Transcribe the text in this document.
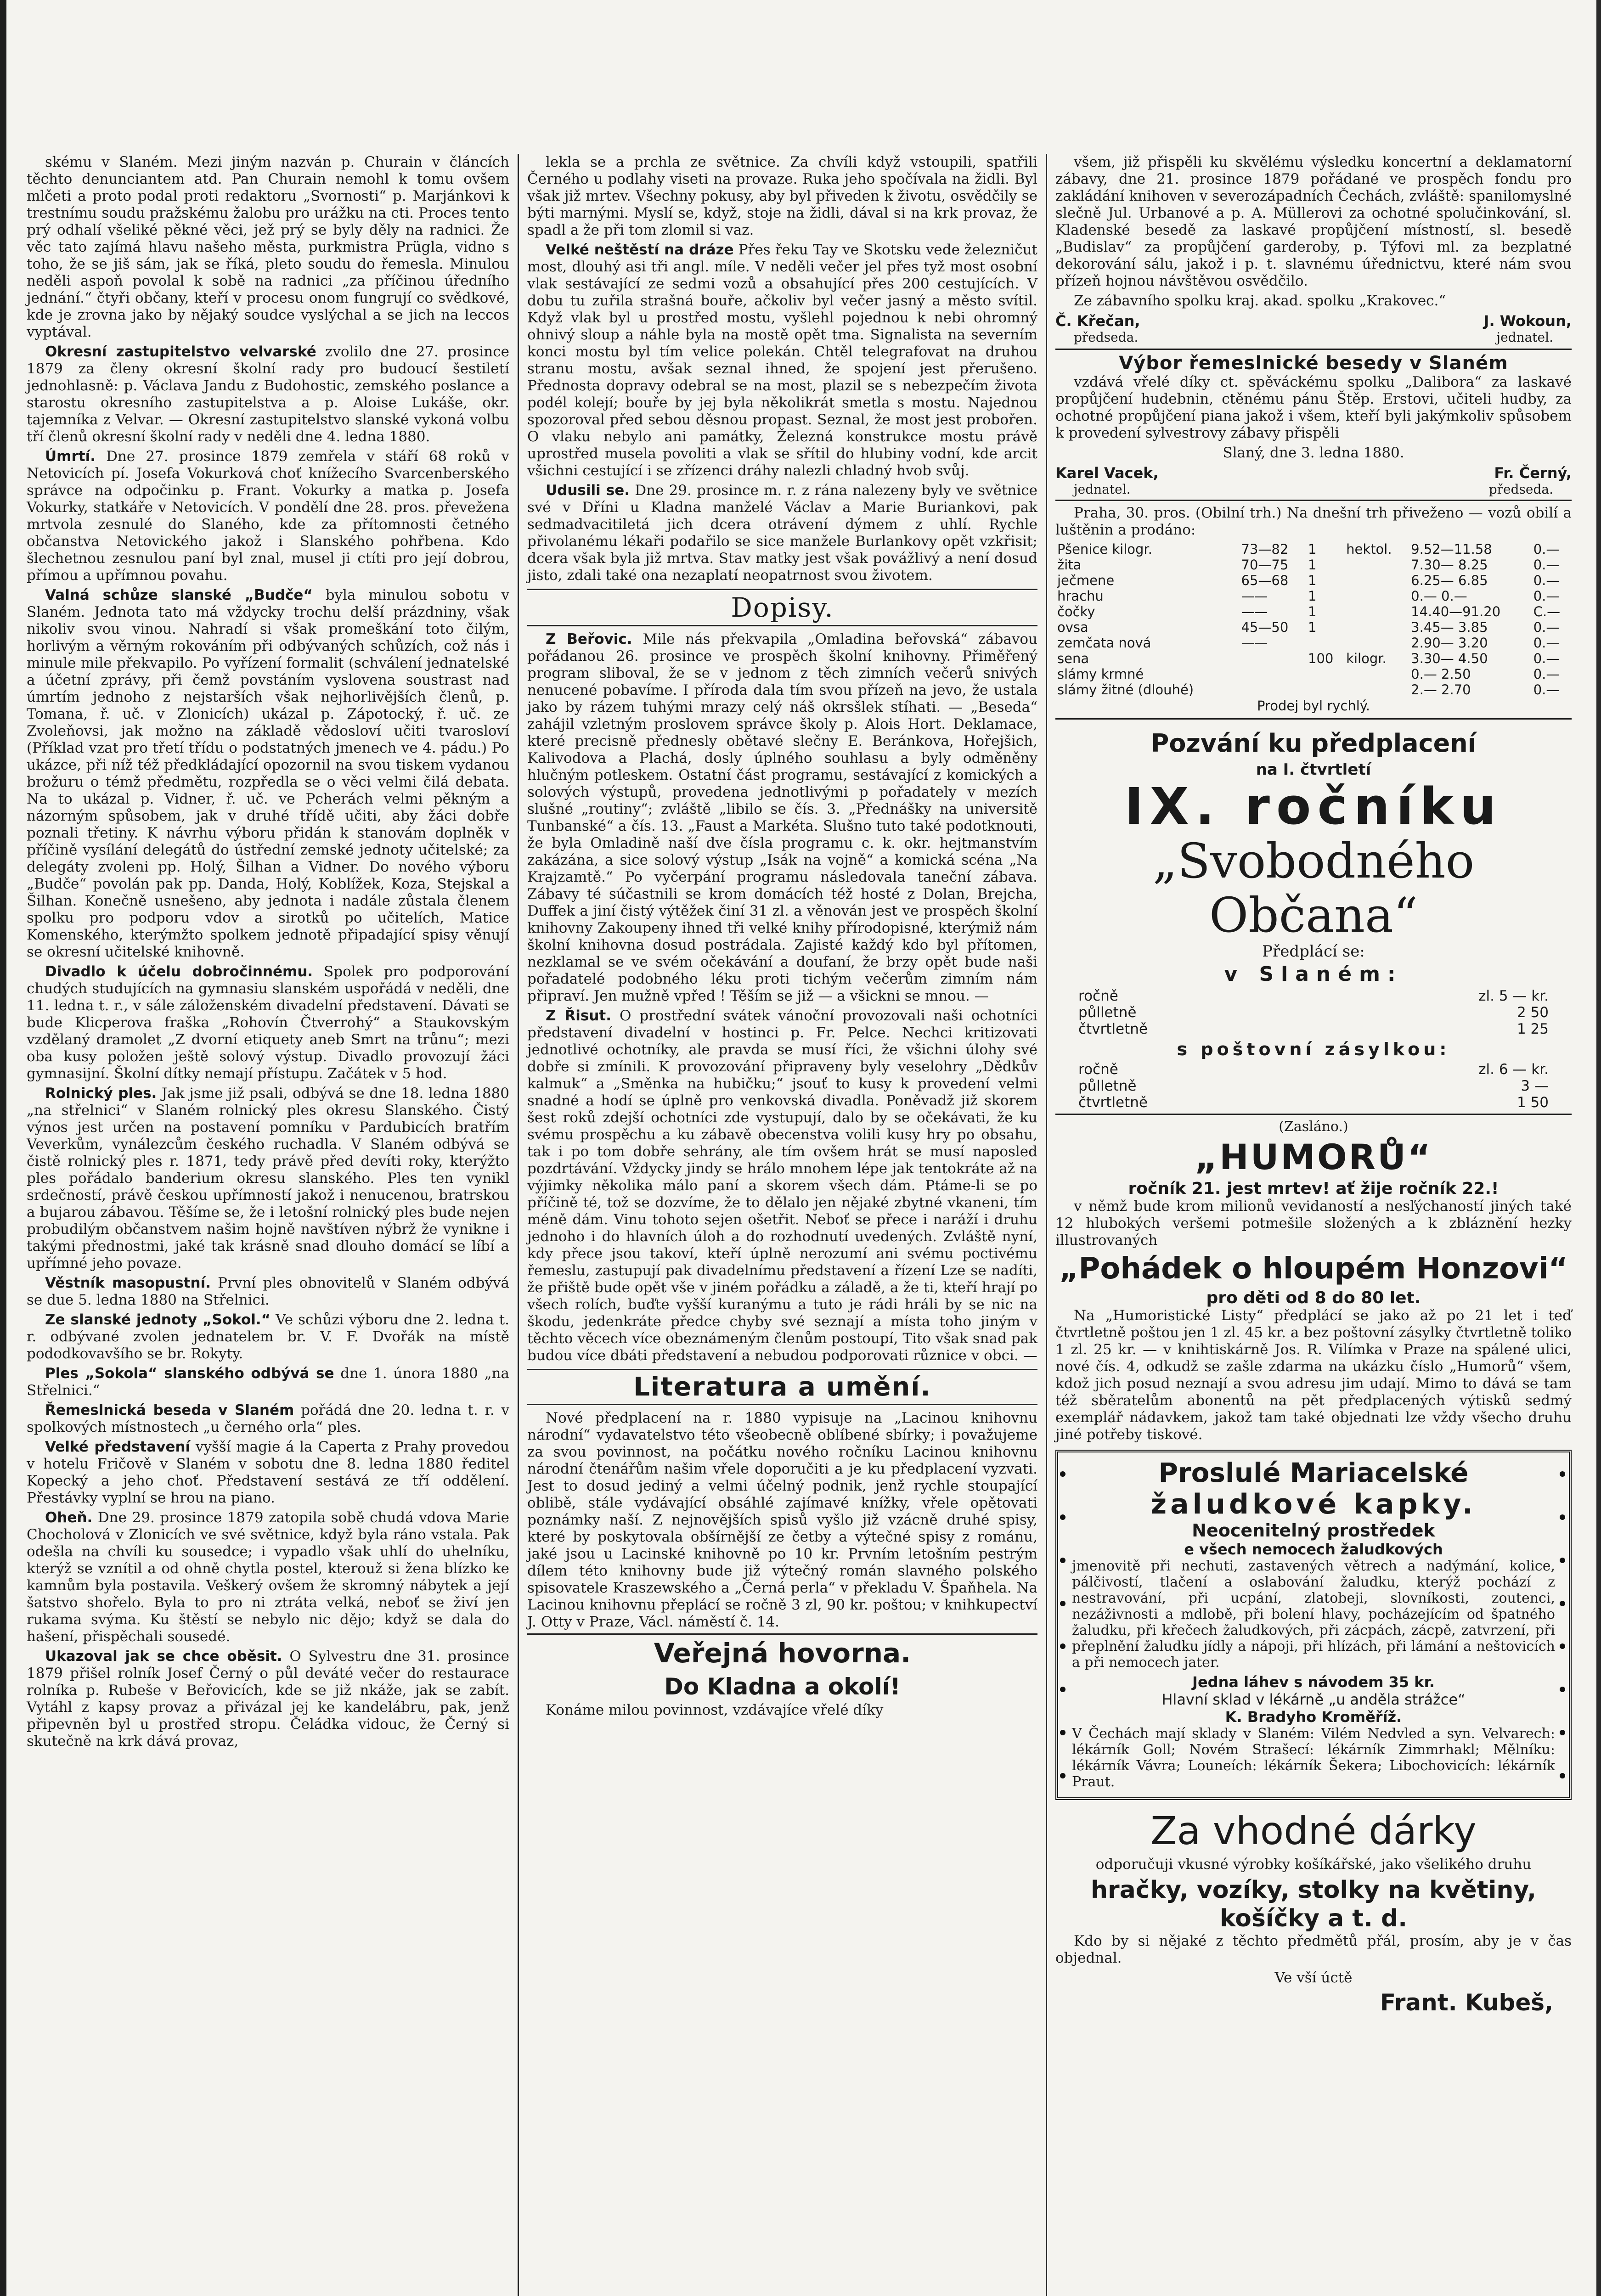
skému v Slaném. Mezi jiným nazván p. Churain v článcích těchto denunciantem atd. Pan Churain nemohl k tomu ovšem mlčeti a proto podal proti redaktoru „Svornosti“ p. Marjánkovi k trestnímu soudu pražskému žalobu pro urážku na cti. Proces tento prý odhalí všeliké pěkné věci, jež prý se byly děly na radnici. Že věc tato zajímá hlavu našeho města, purkmistra Prügla, vidno s toho, že se jiš sám, jak se říká, pleto soudu do řemesla. Minulou neděli aspoň povolal k sobě na radnici „za příčinou úředního jednání.“ čtyři občany, kteří v procesu onom fungrují co svědkové, kde je zrovna jako by nějaký soudce vyslýchal a se jich na leccos vyptával.

Okresní zastupitelstvo velvarské zvolilo dne 27. prosince 1879 za členy okresní školní rady pro budoucí šestiletí jednohlasně: p. Václava Jandu z Budohostic, zemského poslance a starostu okresního zastupitelstva a p. Aloise Lukáše, okr. tajemníka z Velvar. — Okresní zastupitelstvo slanské vykoná volbu tří členů okresní školní rady v neděli dne 4. ledna 1880.

Úmrtí. Dne 27. prosince 1879 zemřela v stáří 68 roků v Netovicích pí. Josefa Vokurková choť knížecího Svarcenberského správce na odpočinku p. Frant. Vokurky a matka p. Josefa Vokurky, statkáře v Netovicích. V pondělí dne 28. pros. převežena mrtvola zesnulé do Slaného, kde za přítomnosti četného občanstva Netovického jakož i Slanského pohřbena. Kdo šlechetnou zesnulou paní byl znal, musel ji ctíti pro její dobrou, přímou a upřímnou povahu.

Valná schůze slanské „Budče“ byla minulou sobotu v Slaném. Jednota tato má vždycky trochu delší prázdniny, však nikoliv svou vinou. Nahradí si však promeškání toto čilým, horlivým a věrným rokováním při odbývaných schůzích, což nás i minule mile překvapilo. Po vyřízení formalit (schválení jednatelské a účetní zprávy, při čemž povstáním vyslovena soustrast nad úmrtím jednoho z nejstarších však nejhorlivějších členů, p. Tomana, ř. uč. v Zlonicích) ukázal p. Zápotocký, ř. uč. ze Zvoleňovsi, jak možno na základě vědosloví učiti tvarosloví (Příklad vzat pro třetí třídu o podstatných jmenech ve 4. pádu.) Po ukázce, při níž též předkládající opozornil na svou tiskem vydanou brožuru o témž předmětu, rozpředla se o věci velmi čilá debata. Na to ukázal p. Vidner, ř. uč. ve Pcherách velmi pěkným a názorným spůsobem, jak v druhé třídě učiti, aby žáci dobře poznali třetiny. K návrhu výboru přidán k stanovám doplněk v příčině vysílání delegátů do ústřední zemské jednoty učitelské; za delegáty zvoleni pp. Holý, Šilhan a Vidner. Do nového výboru „Budče“ povolán pak pp. Danda, Holý, Koblížek, Koza, Stejskal a Šilhan. Konečně usnešeno, aby jednota i nadále zůstala členem spolku pro podporu vdov a sirotků po učitelích, Matice Komenského, kterýmžto spolkem jednotě připadající spisy věnují se okresní učitelské knihovně.

Divadlo k účelu dobročinnému. Spolek pro podporování chudých studujících na gymnasiu slanském uspořádá v neděli, dne 11. ledna t. r., v sále záloženském divadelní představení. Dávati se bude Klicperova fraška „Rohovín Čtverrohý“ a Staukovským vzdělaný dramolet „Z dvorní etiquety aneb Smrt na trůnu“; mezi oba kusy položen ještě solový výstup. Divadlo provozují žáci gymnasijní. Školní dítky nemají přístupu. Začátek v 5 hod.

Rolnický ples. Jak jsme již psali, odbývá se dne 18. ledna 1880 „na střelnici“ v Slaném rolnický ples okresu Slanského. Čistý výnos jest určen na postavení pomníku v Pardubicích bratřím Veverkům, vynálezcům českého ruchadla. V Slaném odbývá se čistě rolnický ples r. 1871, tedy právě před devíti roky, kterýžto ples pořádalo banderium okresu slanského. Ples ten vynikl srdečností, právě českou upřímností jakož i nenucenou, bratrskou a bujarou zábavou. Těšíme se, že i letošní rolnický ples bude nejen probudilým občanstvem našim hojně navštíven nýbrž že vynikne i takými přednostmi, jaké tak krásně snad dlouho domácí se líbí a upřímné jeho povaze.

Věstník masopustní. První ples obnovitelů v Slaném odbývá se due 5. ledna 1880 na Střelnici.

Ze slanské jednoty „Sokol.“ Ve schůzi výboru dne 2. ledna t. r. odbývané zvolen jednatelem br. V. F. Dvořák na místě pododkovavšího se br. Rokyty.

Ples „Sokola“ slanského odbývá se dne 1. února 1880 „na Střelnici.“

Řemeslnická beseda v Slaném pořádá dne 20. ledna t. r. v spolkových místnostech „u černého orla“ ples.

Velké představení vyšší magie á la Caperta z Prahy provedou v hotelu Fričově v Slaném v sobotu dne 8. ledna 1880 ředitel Kopecký a jeho choť. Představení sestává ze tří oddělení. Přestávky vyplní se hrou na piano.

Oheň. Dne 29. prosince 1879 zatopila sobě chudá vdova Marie Chocholová v Zlonicích ve své světnice, když byla ráno vstala. Pak odešla na chvíli ku sousedce; i vypadlo však uhlí do uhelníku, kterýž se vznítil a od ohně chytla postel, kterouž si žena blízko ke kamnům byla postavila. Veškerý ovšem že skromný nábytek a její šatstvo shořelo. Byla to pro ni ztráta velká, neboť se živí jen rukama svýma. Ku štěstí se nebylo nic dějo; když se dala do hašení, přispěchali sousedé.

Ukazoval jak se chce oběsit. O Sylvestru dne 31. prosince 1879 přišel rolník Josef Černý o půl deváté večer do restaurace rolníka p. Rubeše v Beřovicích, kde se již nkáže, jak se zabít. Vytáhl z kapsy provaz a přivázal jej ke kandelábru, pak, jenž připevněn byl u prostřed stropu. Čeládka vidouc, že Černý si skutečně na krk dává provaz,

lekla se a prchla ze světnice. Za chvíli když vstoupili, spatřili Černého u podlahy viseti na provaze. Ruka jeho spočívala na židli. Byl však již mrtev. Všechny pokusy, aby byl přiveden k životu, osvědčily se býti marnými. Myslí se, když, stoje na židli, dával si na krk provaz, že spadl a že při tom zlomil si vaz.

Velké neštěstí na dráze Přes řeku Tay ve Skotsku vede železničut most, dlouhý asi tři angl. míle. V neděli večer jel přes tyž most osobní vlak sestávající ze sedmi vozů a obsahující přes 200 cestujících. V dobu tu zuřila strašná bouře, ačkoliv byl večer jasný a město svítil. Když vlak byl u prostřed mostu, vyšlehl pojednou k nebi ohromný ohnivý sloup a náhle byla na mostě opět tma. Signalista na severním konci mostu byl tím velice polekán. Chtěl telegrafovat na druhou stranu mostu, avšak seznal ihned, že spojení jest přerušeno. Přednosta dopravy odebral se na most, plazil se s nebezpečím života podél kolejí; bouře by jej byla několikrát smetla s mostu. Najednou spozoroval před sebou děsnou propast. Seznal, že most jest probořen. O vlaku nebylo ani památky, Železná konstrukce mostu právě uprostřed musela povoliti a vlak se sřítil do hlubiny vodní, kde arcit všichni cestující i se zřízenci dráhy nalezli chladný hvob svůj.

Udusili se. Dne 29. prosince m. r. z rána nalezeny byly ve světnice své v Dříni u Kladna manželé Václav a Marie Buriankovi, pak sedmadvacitiletá jich dcera otrávení dýmem z uhlí. Rychle přivolanému lékaři podařilo se sice manžele Burlankovy opět vzkřisit; dcera však byla již mrtva. Stav matky jest však povážlivý a není dosud jisto, zdali také ona nezaplatí neopatrnost svou životem.

Dopisy.

Z Beřovic. Mile nás překvapila „Omladina beřovská“ zábavou pořádanou 26. prosince ve prospěch školní knihovny. Přiměřený program sliboval, že se v jednom z těch zimních večerů snivých nenucené pobavíme. I příroda dala tím svou přízeň na jevo, že ustala jako by rázem tuhými mrazy celý náš okrsšlek stíhati. — „Beseda“ zahájil vzletným proslovem správce školy p. Alois Hort. Deklamace, které precisně přednesly obětavé slečny E. Beránkova, Hořejšich, Kalivodova a Plachá, dosly úplného souhlasu a byly odměněny hlučným potleskem. Ostatní část programu, sestávající z komických a solových výstupů, provedena jednotlivými p pořadately v mezích slušné „routiny“; zvláště „libilo se čís. 3. „Přednášky na universitě Tunbanské“ a čís. 13. „Faust a Markéta. Slušno tuto také podotknouti, že byla Omladině naší dve čísla programu c. k. okr. hejtmanstvím zakázána, a sice solový výstup „Isák na vojně“ a komická scéna „Na Krajzamtě.“ Po vyčerpání programu následovala taneční zábava. Zábavy té súčastnili se krom domácích též hosté z Dolan, Brejcha, Duffek a jiní čistý výtěžek činí 31 zl. a věnován jest ve prospěch školní knihovny Zakoupeny ihned tři velké knihy přírodopisné, kterýmiž nám školní knihovna dosud postrádala. Zajisté každý kdo byl přítomen, nezklamal se ve svém očekávání a doufaní, že brzy opět bude naši pořadatelé podobného léku proti tichým večerům zimním nám připraví. Jen mužně vpřed ! Těším se již — a všickni se mnou. —

Z Řisut. O prostřední svátek vánoční provozovali naši ochotníci představení divadelní v hostinci p. Fr. Pelce. Nechci kritizovati jednotlivé ochotníky, ale pravda se musí říci, že všichni úlohy své dobře si zmínili. K provozování připraveny byly veselohry „Dědkův kalmuk“ a „Směnka na hubičku;“ jsouť to kusy k provedení velmi snadné a hodí se úplně pro venkovská divadla. Poněvadž již skorem šest roků zdejší ochotníci zde vystupují, dalo by se očekávati, že ku svému prospěchu a ku zábavě obecenstva volili kusy hry po obsahu, tak i po tom dobře sehrány, ale tím ovšem hrát se musí naposled pozdrtávání. Vždycky jindy se hrálo mnohem lépe jak tentokráte až na výjimky několika málo paní a skorem všech dám. Ptáme-li se po příčině té, tož se dozvíme, že to dělalo jen nějaké zbytné vkaneni, tím méně dám. Vinu tohoto sejen ošetřit. Neboť se přece i naráží i druhu jednoho i do hlavních úloh a do rozhodnutí uvedených. Zvláště nyní, kdy přece jsou takoví, kteří úplně nerozumí ani svému poctivému řemeslu, zastupují pak divadelnímu představení a řízení Lze se nadíti, že přiště bude opět vše v jiném pořádku a záladě, a že ti, kteří hrají po všech rolích, buďte vyšší kuranýmu a tuto je rádi hráli by se nic na škodu, jedenkráte předce chyby své seznají a místa toho jiným v těchto věcech více obeznámeným členům postoupí, Tito však snad pak budou více dbáti představení a nebudou podporovati různice v obci. —

Literatura a umění.

Nové předplacení na r. 1880 vypisuje na „Lacinou knihovnu národní“ vydavatelstvo této všeobecně oblíbené sbírky; i považujeme za svou povinnost, na počátku nového ročníku Lacinou knihovnu národní čtenářům našim vřele doporučiti a je ku předplacení vyzvati. Jest to dosud jediný a velmi účelný podnik, jenž rychle stoupající oblibě, stále vydávající obsáhlé zajímavé knížky, vřele opětovati poznámky naší. Z nejnovějších spisů vyšlo již vzácně druhé spisy, které by poskytovala obšírnější ze četby a výtečné spisy z románu, jaké jsou u Lacinské knihovně po 10 kr. Prvním letošním pestrým dílem této knihovny bude již výtečný román slavného polského spisovatele Kraszewského a „Černá perla“ v překladu V. Špaňhela. Na Lacinou knihovnu přeplácí se ročně 3 zl, 90 kr. poštou; v knihkupectví J. Otty v Praze, Václ. náměstí č. 14.

Veřejná hovorna.
Do Kladna a okolí!

Konáme milou povinnost, vzdávajíce vřelé díky

všem, již přispěli ku skvělému výsledku koncertní a deklamatorní zábavy, dne 21. prosince 1879 pořádané ve prospěch fondu pro zakládání knihoven v severozápadních Čechách, zvláště: spanilomyslné slečně Jul. Urbanové a p. A. Müllerovi za ochotné spolučinkování, sl. Kladenské besedě za laskavé propůjčení místností, sl. besedě „Budislav“ za propůjčení garderoby, p. Týfovi ml. za bezplatné dekorování sálu, jakož i p. t. slavnému úřednictvu, které nám svou přízeň hojnou návštěvou osvědčilo.

Ze zábavního spolku kraj. akad. spolku „Krakovec.“

Č. Křečan,	J. Wokoun,
předseda.	jednatel.
Výbor řemeslnické besedy v Slaném

vzdává vřelé díky ct. spěváckému spolku „Dalibora“ za laskavé propůjčení hudebnin, ctěnému pánu Štěp. Erstovi, učiteli hudby, za ochotné propůjčení piana jakož i všem, kteří byli jakýmkoliv spůsobem k provedení sylvestrovy zábavy přispěli

Slaný, dne 3. ledna 1880.

Karel Vacek,	Fr. Černý,
jednatel.	předseda.

Praha, 30. pros. (Obilní trh.) Na dnešní trh přiveženo — vozů obilí a luštěnin a prodáno:

Pšenice kilogr.	73—82	1	hektol.	9.52—11.58	0.—
žita	70—75	1		7.30— 8.25	0.—
ječmene	65—68	1		6.25— 6.85	0.—
hrachu	——	1		0.— 0.—	0.—
čočky	——	1		14.40—91.20	C.—
ovsa	45—50	1		3.45— 3.85	0.—
zemčata nová	——			2.90— 3.20	0.—
sena		100	kilogr.	3.30— 4.50	0.—
slámy krmné				0.— 2.50	0.—
slámy žitné (dlouhé)				2.— 2.70	0.—

Prodej byl rychlý.

Pozvání ku předplacení
na I. čtvrtletí
IX. ročníku
„Svobodného Občana“
Předplácí se:
v Slaném:
ročně	zl. 5 — kr.
půlletně	2 50
čtvrtletně	1 25
s poštovní zásylkou:
ročně	zl. 6 — kr.
půlletně	3 —
čtvrtletně	1 50
(Zasláno.)
„HUMORŮ“
ročník 21. jest mrtev! ať žije ročník 22.!

v němž bude krom milionů vevidaností a nesľýchaností jiných také 12 hlubokých veršemi potmešile složených a k zbláznění hezky illustrovaných

„Pohádek o hloupém Honzovi“
pro děti od 8 do 80 let.

Na „Humoristické Listy“ předplácí se jako až po 21 let i teď čtvrtletně poštou jen 1 zl. 45 kr. a bez poštovní zásylky čtvrtletně toliko 1 zl. 25 kr. — v knihtiskárně Jos. R. Vilímka v Praze na spálené ulici, nové čís. 4, odkudž se zašle zdarma na ukázku číslo „Humorů“ všem, kdož jich posud neznají a svou adresu jim udají. Mimo to dává se tam též sběratelům abonentů na pět předplacených výtisků sedmý exemplář nádavkem, jakož tam také objednati lze vždy všecho druhu jiné potřeby tiskové.

Proslulé Mariacelské
žaludkové kapky.
Neocenitelný prostředek
e všech nemocech žaludkových

jmenovitě při nechuti, zastavených větrech a nadýmání, kolice, pálčivostí, tlačení a oslabování žaludku, kterýž pochází z nestravování, při ucpání, zlatobeji, slovníkosti, zoutenci, nezáživnosti a mdlobě, při bolení hlavy, pocházejícím od špatného žaludku, při křečech žaludkových, při zácpách, zácpě, zatvrzení, při přeplnění žaludku jídly a nápoji, při hlízách, při lámání a neštovicích a při nemocech jater.

Jedna láhev s návodem 35 kr.
Hlavní sklad v lékárně „u anděla strážce“
K. Bradyho Kroměříž.

V Čechách mají sklady v Slaném: Vilém Nedvled a syn. Velvarech: lékárník Goll; Novém Strašecí: lékárník Zimmrhakl; Mělníku: lékárník Vávra; Louneích: lékárník Šekera; Libochovicích: lékárník Praut.

Za vhodné dárky

odporučuji vkusné výrobky košíkářské, jako všelikého druhu

hračky, vozíky, stolky na květiny,
košíčky a t. d.

Kdo by si nějaké z těchto předmětů přál, prosím, aby je v čas objednal.

Ve vší úctě

Frant. Kubeš,
